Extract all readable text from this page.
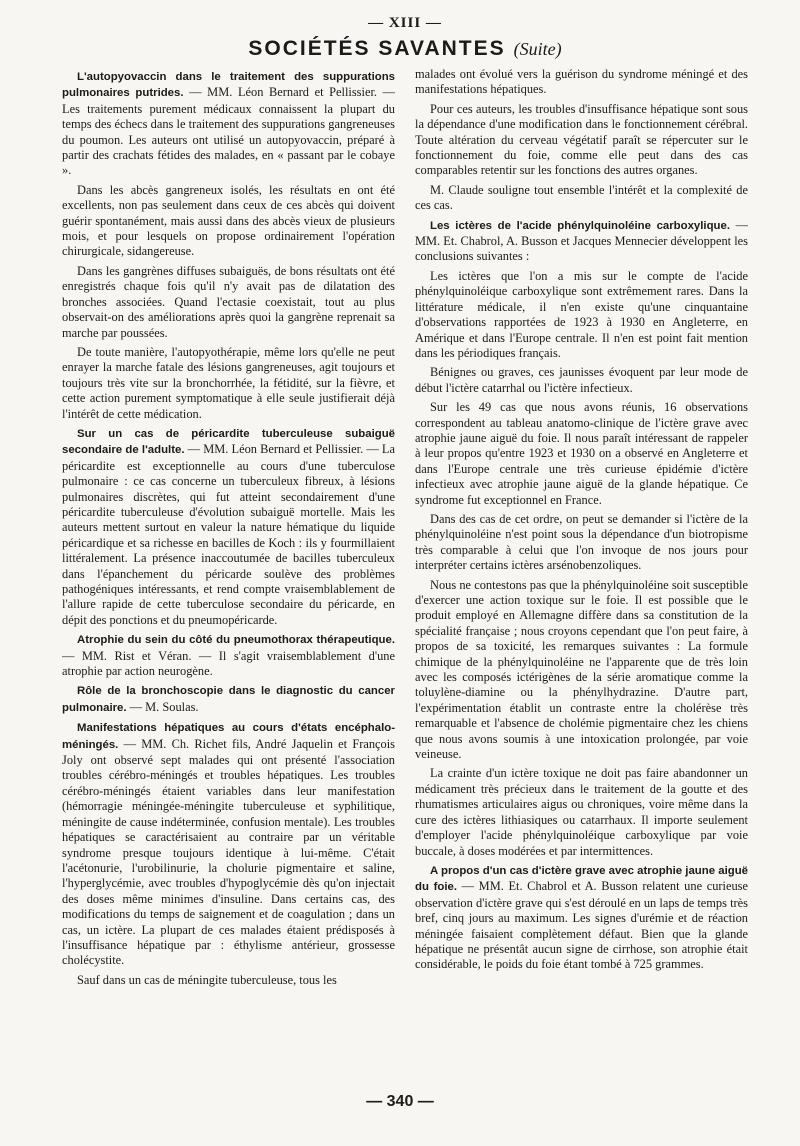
— XIII —
SOCIÉTÉS SAVANTES (Suite)

L'autopyovaccin dans le traitement des suppurations pulmonaires putrides. — MM. Léon Bernard et Pellissier. — Les traitements purement médicaux connaissent la plupart du temps des échecs dans le traitement des suppurations gangreneuses du poumon. Les auteurs ont utilisé un autopyovaccin, préparé à partir des crachats fétides des malades, en « passant par le cobaye ».

Dans les abcès gangreneux isolés, les résultats en ont été excellents, non pas seulement dans ceux de ces abcès qui doivent guérir spontanément, mais aussi dans des abcès vieux de plusieurs mois, et pour lesquels on propose ordinairement l'opération chirurgicale, sidangereuse.

Dans les gangrènes diffuses subaiguës, de bons résultats ont été enregistrés chaque fois qu'il n'y avait pas de dilatation des bronches associées. Quand l'ectasie coexistait, tout au plus observait-on des améliorations après quoi la gangrène reprenait sa marche par poussées.

De toute manière, l'autopyothérapie, même lors qu'elle ne peut enrayer la marche fatale des lésions gangreneuses, agit toujours et toujours très vite sur la bronchorrhée, la fétidité, sur la fièvre, et cette action purement symptomatique à elle seule justifierait déjà l'intérêt de cette médication.

Sur un cas de péricardite tuberculeuse subaiguë secondaire de l'adulte. — MM. Léon Bernard et Pellissier. — La péricardite est exceptionnelle au cours d'une tuberculose pulmonaire : ce cas concerne un tuberculeux fibreux, à lésions pulmonaires discrètes, qui fut atteint secondairement d'une péricardite tuberculeuse d'évolution subaiguë mortelle. Mais les auteurs mettent surtout en valeur la nature hématique du liquide péricardique et sa richesse en bacilles de Koch : ils y fourmillaient littéralement. La présence inaccoutumée de bacilles tuberculeux dans l'épanchement du péricarde soulève des problèmes pathogéniques intéressants, et rend compte vraisemblablement de l'allure rapide de cette tuberculose secondaire du péricarde, en dépit des ponctions et du pneumopéricarde.

Atrophie du sein du côté du pneumothorax thérapeutique. — MM. Rist et Véran. — Il s'agit vraisemblablement d'une atrophie par action neurogène.

Rôle de la bronchoscopie dans le diagnostic du cancer pulmonaire. — M. Soulas.

Manifestations hépatiques au cours d'états encéphalo-méningés. — MM. Ch. Richet fils, André Jaquelin et François Joly ont observé sept malades qui ont présenté l'association troubles cérébro-méningés et troubles hépatiques. Les troubles cérébro-méningés étaient variables dans leur manifestation (hémorragie méningée-méningite tuberculeuse et syphilitique, méningite de cause indéterminée, confusion mentale). Les troubles hépatiques se caractérisaient au contraire par un véritable syndrome presque toujours identique à lui-même. C'était l'acétonurie, l'urobilinurie, la cholurie pigmentaire et saline, l'hyperglycémie, avec troubles d'hypoglycémie dès qu'on injectait des doses même minimes d'insuline. Dans certains cas, des modifications du temps de saignement et de coagulation ; dans un cas, un ictère. La plupart de ces malades étaient prédisposés à l'insuffisance hépatique par : éthylisme antérieur, grossesse cholécystite.

Sauf dans un cas de méningite tuberculeuse, tous les

malades ont évolué vers la guérison du syndrome méningé et des manifestations hépatiques.

Pour ces auteurs, les troubles d'insuffisance hépatique sont sous la dépendance d'une modification dans le fonctionnement cérébral. Toute altération du cerveau végétatif paraît se répercuter sur le fonctionnement du foie, comme elle peut dans des cas comparables retentir sur les fonctions des autres organes.

M. Claude souligne tout ensemble l'intérêt et la complexité de ces cas.

Les ictères de l'acide phénylquinoléine carboxylique. — MM. Et. Chabrol, A. Busson et Jacques Mennecier développent les conclusions suivantes :

Les ictères que l'on a mis sur le compte de l'acide phénylquinoléique carboxylique sont extrêmement rares. Dans la littérature médicale, il n'en existe qu'une cinquantaine d'observations rapportées de 1923 à 1930 en Angleterre, en Amérique et dans l'Europe centrale. Il n'en est point fait mention dans les périodiques français.

Bénignes ou graves, ces jaunisses évoquent par leur mode de début l'ictère catarrhal ou l'ictère infectieux.

Sur les 49 cas que nous avons réunis, 16 observations correspondent au tableau anatomo-clinique de l'ictère grave avec atrophie jaune aiguë du foie. Il nous paraît intéressant de rappeler à leur propos qu'entre 1923 et 1930 on a observé en Angleterre et dans l'Europe centrale une très curieuse épidémie d'ictère infectieux avec atrophie jaune aiguë de la glande hépatique. Ce syndrome fut exceptionnel en France.

Dans des cas de cet ordre, on peut se demander si l'ictère de la phénylquinoléine n'est point sous la dépendance d'un biotropisme très comparable à celui que l'on invoque de nos jours pour interpréter certains ictères arsénobenzoliques.

Nous ne contestons pas que la phénylquinoléine soit susceptible d'exercer une action toxique sur le foie. Il est possible que le produit employé en Allemagne diffère dans sa constitution de la spécialité française ; nous croyons cependant que l'on peut faire, à propos de sa toxicité, les remarques suivantes : La formule chimique de la phénylquinoléine ne l'apparente que de très loin avec les composés ictérigènes de la série aromatique comme la toluylène-diamine ou la phénylhydrazine. D'autre part, l'expérimentation établit un contraste entre la cholérèse très remarquable et l'absence de cholémie pigmentaire chez les chiens que nous avons soumis à une intoxication prolongée, par voie veineuse.

La crainte d'un ictère toxique ne doit pas faire abandonner un médicament très précieux dans le traitement de la goutte et des rhumatismes articulaires aigus ou chroniques, voire même dans la cure des ictères lithiasiques ou catarrhaux. Il importe seulement d'employer l'acide phénylquinoléique carboxylique par voie buccale, à doses modérées et par intermittences.

A propos d'un cas d'ictère grave avec atrophie jaune aiguë du foie. — MM. Et. Chabrol et A. Busson relatent une curieuse observation d'ictère grave qui s'est déroulé en un laps de temps très bref, cinq jours au maximum. Les signes d'urémie et de réaction méningée faisaient complètement défaut. Bien que la glande hépatique ne présentât aucun signe de cirrhose, son atrophie était considérable, le poids du foie étant tombé à 725 grammes.

— 340 —
